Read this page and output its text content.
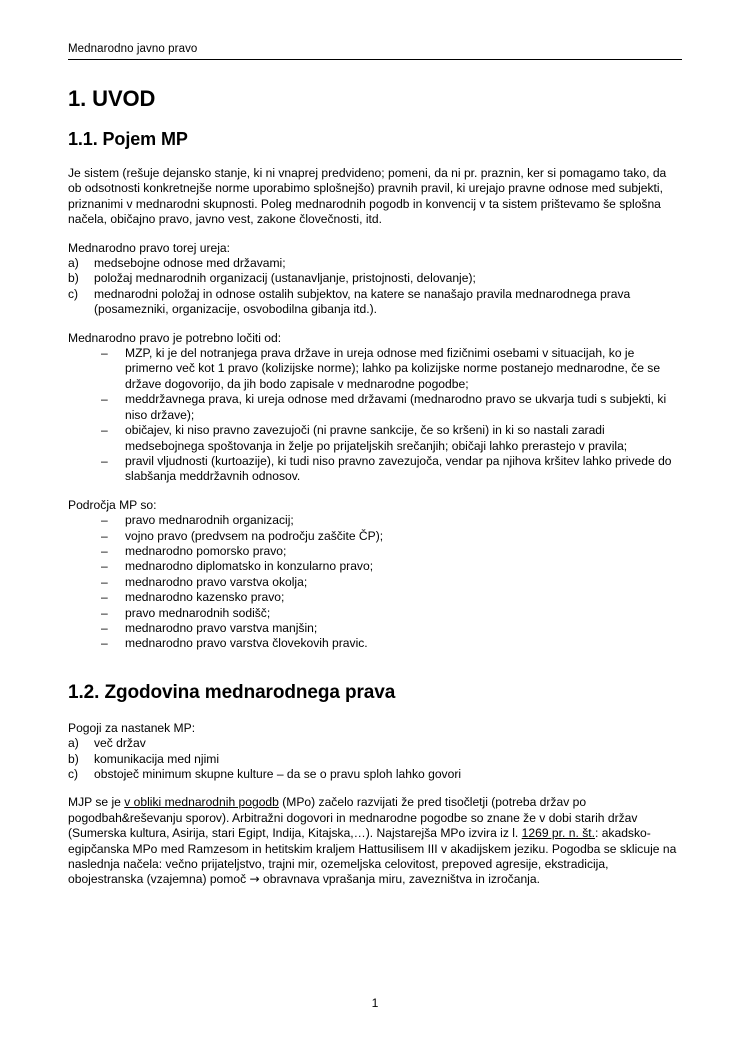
Mednarodno javno pravo
1. UVOD
1.1. Pojem MP

Je sistem (rešuje dejansko stanje, ki ni vnaprej predvideno; pomeni, da ni pr. praznin, ker si pomagamo tako, da ob odsotnosti konkretnejše norme uporabimo splošnejšo) pravnih pravil, ki urejajo pravne odnose med subjekti, priznanimi v mednarodni skupnosti. Poleg mednarodnih pogodb in konvencij v ta sistem prištevamo še splošna načela, običajno pravo, javno vest, zakone človečnosti, itd.

Mednarodno pravo torej ureja:

a)	medsebojne odnose med državami;
b)	položaj mednarodnih organizacij (ustanavljanje, pristojnosti, delovanje);
c)	mednarodni položaj in odnose ostalih subjektov, na katere se nanašajo pravila mednarodnega prava (posamezniki, organizacije, osvobodilna gibanja itd.).

Mednarodno pravo je potrebno ločiti od:

–	MZP, ki je del notranjega prava države in ureja odnose med fizičnimi osebami v situacijah, ko je primerno več kot 1 pravo (kolizijske norme); lahko pa kolizijske norme postanejo mednarodne, če se države dogovorijo, da jih bodo zapisale v mednarodne pogodbe;
–	meddržavnega prava, ki ureja odnose med državami (mednarodno pravo se ukvarja tudi s subjekti, ki niso države);
–	običajev, ki niso pravno zavezujoči (ni pravne sankcije, če so kršeni) in ki so nastali zaradi medsebojnega spoštovanja in želje po prijateljskih srečanjih; običaji lahko prerastejo v pravila;
–	pravil vljudnosti (kurtoazije), ki tudi niso pravno zavezujoča, vendar pa njihova kršitev lahko privede do slabšanja meddržavnih odnosov.

Področja MP so:

–	pravo mednarodnih organizacij;
–	vojno pravo (predvsem na področju zaščite ČP);
–	mednarodno pomorsko pravo;
–	mednarodno diplomatsko in konzularno pravo;
–	mednarodno pravo varstva okolja;
–	mednarodno kazensko pravo;
–	pravo mednarodnih sodišč;
–	mednarodno pravo varstva manjšin;
–	mednarodno pravo varstva človekovih pravic.
1.2. Zgodovina mednarodnega prava

Pogoji za nastanek MP:

a)	več držav
b)	komunikacija med njimi
c)	obstoječ minimum skupne kulture – da se o pravu sploh lahko govori

MJP se je v obliki mednarodnih pogodb (MPo) začelo razvijati že pred tisočletji (potreba držav po pogodbah&reševanju sporov). Arbitražni dogovori in mednarodne pogodbe so znane že v dobi starih držav (Sumerska kultura, Asirija, stari Egipt, Indija, Kitajska,…). Najstarejša MPo izvira iz l. 1269 pr. n. št.: akadsko-egipčanska MPo med Ramzesom in hetitskim kraljem Hattusilisem III v akadijskem jeziku. Pogodba se sklicuje na naslednja načela: večno prijateljstvo, trajni mir, ozemeljska celovitost, prepoved agresije, ekstradicija, obojestranska (vzajemna) pomoč → obravnava vprašanja miru, zavezništva in izročanja.

1
